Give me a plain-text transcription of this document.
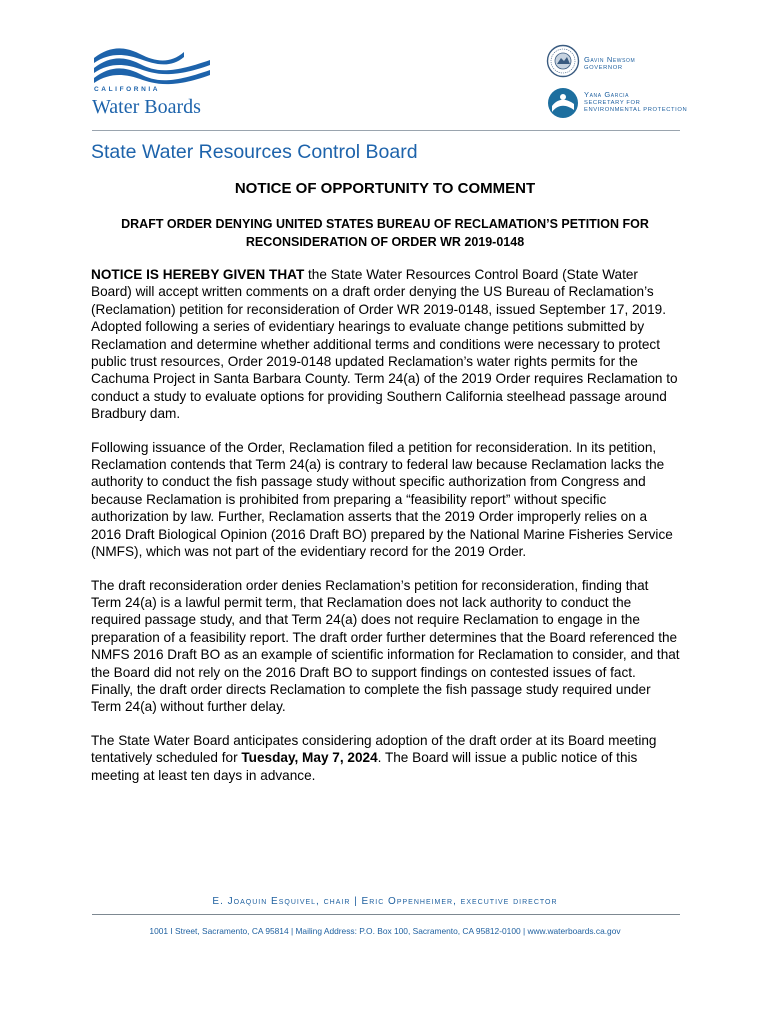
CALIFORNIA
Water Boards
Gavin Newsom
GOVERNOR
Yana Garcia
SECRETARY FOR ENVIRONMENTAL PROTECTION
State Water Resources Control Board
NOTICE OF OPPORTUNITY TO COMMENT
DRAFT ORDER DENYING UNITED STATES BUREAU OF RECLAMATION’S PETITION FOR RECONSIDERATION OF ORDER WR 2019-0148

NOTICE IS HEREBY GIVEN THAT the State Water Resources Control Board (State Water Board) will accept written comments on a draft order denying the US Bureau of Reclamation’s (Reclamation) petition for reconsideration of Order WR 2019-0148, issued September 17, 2019. Adopted following a series of evidentiary hearings to evaluate change petitions submitted by Reclamation and determine whether additional terms and conditions were necessary to protect public trust resources, Order 2019-0148 updated Reclamation’s water rights permits for the Cachuma Project in Santa Barbara County. Term 24(a) of the 2019 Order requires Reclamation to conduct a study to evaluate options for providing Southern California steelhead passage around Bradbury dam.

Following issuance of the Order, Reclamation filed a petition for reconsideration. In its petition, Reclamation contends that Term 24(a) is contrary to federal law because Reclamation lacks the authority to conduct the fish passage study without specific authorization from Congress and because Reclamation is prohibited from preparing a “feasibility report” without specific authorization by law. Further, Reclamation asserts that the 2019 Order improperly relies on a 2016 Draft Biological Opinion (2016 Draft BO) prepared by the National Marine Fisheries Service (NMFS), which was not part of the evidentiary record for the 2019 Order.

The draft reconsideration order denies Reclamation’s petition for reconsideration, finding that Term 24(a) is a lawful permit term, that Reclamation does not lack authority to conduct the required passage study, and that Term 24(a) does not require Reclamation to engage in the preparation of a feasibility report. The draft order further determines that the Board referenced the NMFS 2016 Draft BO as an example of scientific information for Reclamation to consider, and that the Board did not rely on the 2016 Draft BO to support findings on contested issues of fact. Finally, the draft order directs Reclamation to complete the fish passage study required under Term 24(a) without further delay.

The State Water Board anticipates considering adoption of the draft order at its Board meeting tentatively scheduled for Tuesday, May 7, 2024. The Board will issue a public notice of this meeting at least ten days in advance.

E. Joaquin Esquivel, chair | Eric Oppenheimer, executive director
1001 I Street, Sacramento, CA 95814 | Mailing Address: P.O. Box 100, Sacramento, CA 95812-0100 | www.waterboards.ca.gov
